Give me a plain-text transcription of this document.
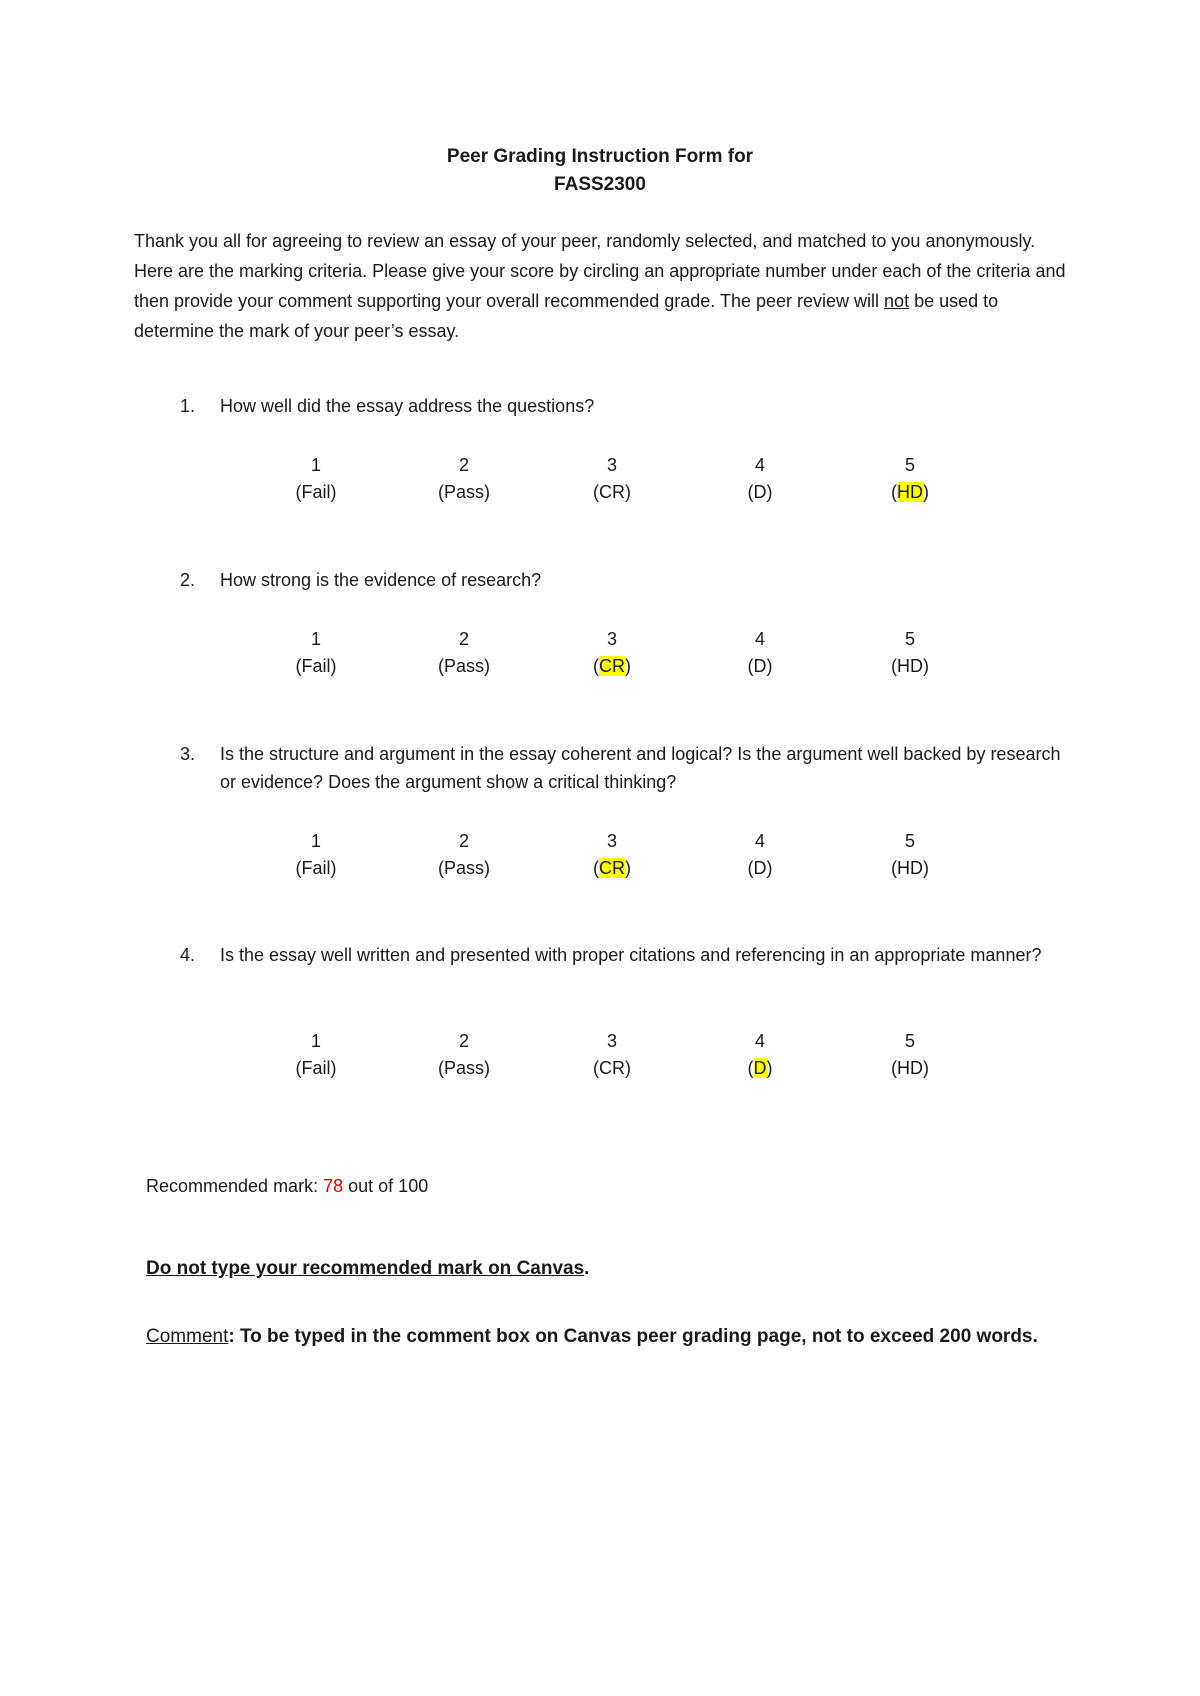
Peer Grading Instruction Form for
FASS2300
Thank you all for agreeing to review an essay of your peer, randomly selected, and matched to you anonymously. Here are the marking criteria. Please give your score by circling an appropriate number under each of the criteria and then provide your comment supporting your overall recommended grade. The peer review will not be used to determine the mark of your peer’s essay.
1. How well did the essay address the questions?
1
(Fail)
2
(Pass)
3
(CR)
4
(D)
5
(HD)
2. How strong is the evidence of research?
1
(Fail)
2
(Pass)
3
(CR)
4
(D)
5
(HD)
3. Is the structure and argument in the essay coherent and logical? Is the argument well backed by research or evidence? Does the argument show a critical thinking?
1
(Fail)
2
(Pass)
3
(CR)
4
(D)
5
(HD)
4. Is the essay well written and presented with proper citations and referencing in an appropriate manner?
1
(Fail)
2
(Pass)
3
(CR)
4
(D)
5
(HD)
Recommended mark: 78 out of 100
Do not type your recommended mark on Canvas.
Comment: To be typed in the comment box on Canvas peer grading page, not to exceed 200 words.
